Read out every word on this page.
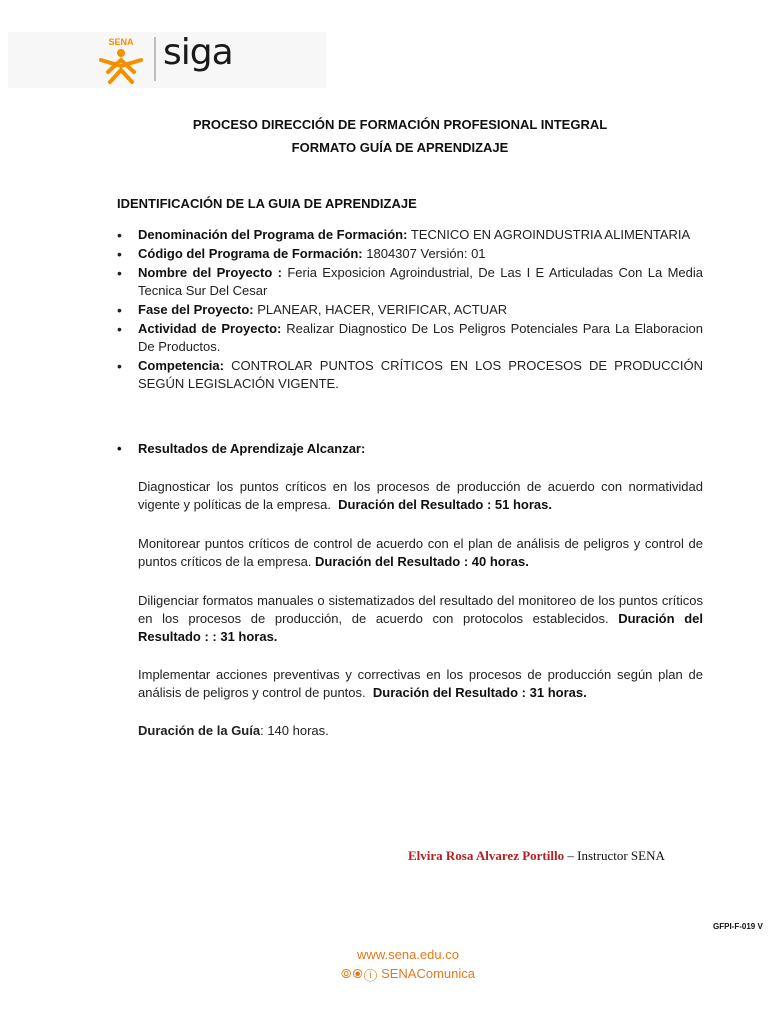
SENA siga
PROCESO DIRECCIÓN DE FORMACIÓN PROFESIONAL INTEGRAL
FORMATO GUÍA DE APRENDIZAJE
IDENTIFICACIÓN DE LA GUIA DE APRENDIZAJE
• Denominación del Programa de Formación: TECNICO EN AGROINDUSTRIA ALIMENTARIA
• Código del Programa de Formación: 1804307 Versión: 01
• Nombre del Proyecto : Feria Exposicion Agroindustrial, De Las I E Articuladas Con La Media Tecnica Sur Del Cesar
• Fase del Proyecto: PLANEAR, HACER, VERIFICAR, ACTUAR
• Actividad de Proyecto: Realizar Diagnostico De Los Peligros Potenciales Para La Elaboracion De Productos.
• Competencia: CONTROLAR PUNTOS CRÍTICOS EN LOS PROCESOS DE PRODUCCIÓN SEGÚN LEGISLACIÓN VIGENTE.
• Resultados de Aprendizaje Alcanzar:
Diagnosticar los puntos críticos en los procesos de producción de acuerdo con normatividad vigente y políticas de la empresa. Duración del Resultado : 51 horas.
Monitorear puntos críticos de control de acuerdo con el plan de análisis de peligros y control de puntos críticos de la empresa. Duración del Resultado : 40 horas.
Diligenciar formatos manuales o sistematizados del resultado del monitoreo de los puntos críticos en los procesos de producción, de acuerdo con protocolos establecidos. Duración del Resultado : : 31 horas.
Implementar acciones preventivas y correctivas en los procesos de producción según plan de análisis de peligros y control de puntos. Duración del Resultado : 31 horas.
Duración de la Guía: 140 horas.
Elvira Rosa Alvarez Portillo – Instructor SENA
GFPI-F-019 V
www.sena.edu.co
⦾⦿ⓘ SENAComunica
